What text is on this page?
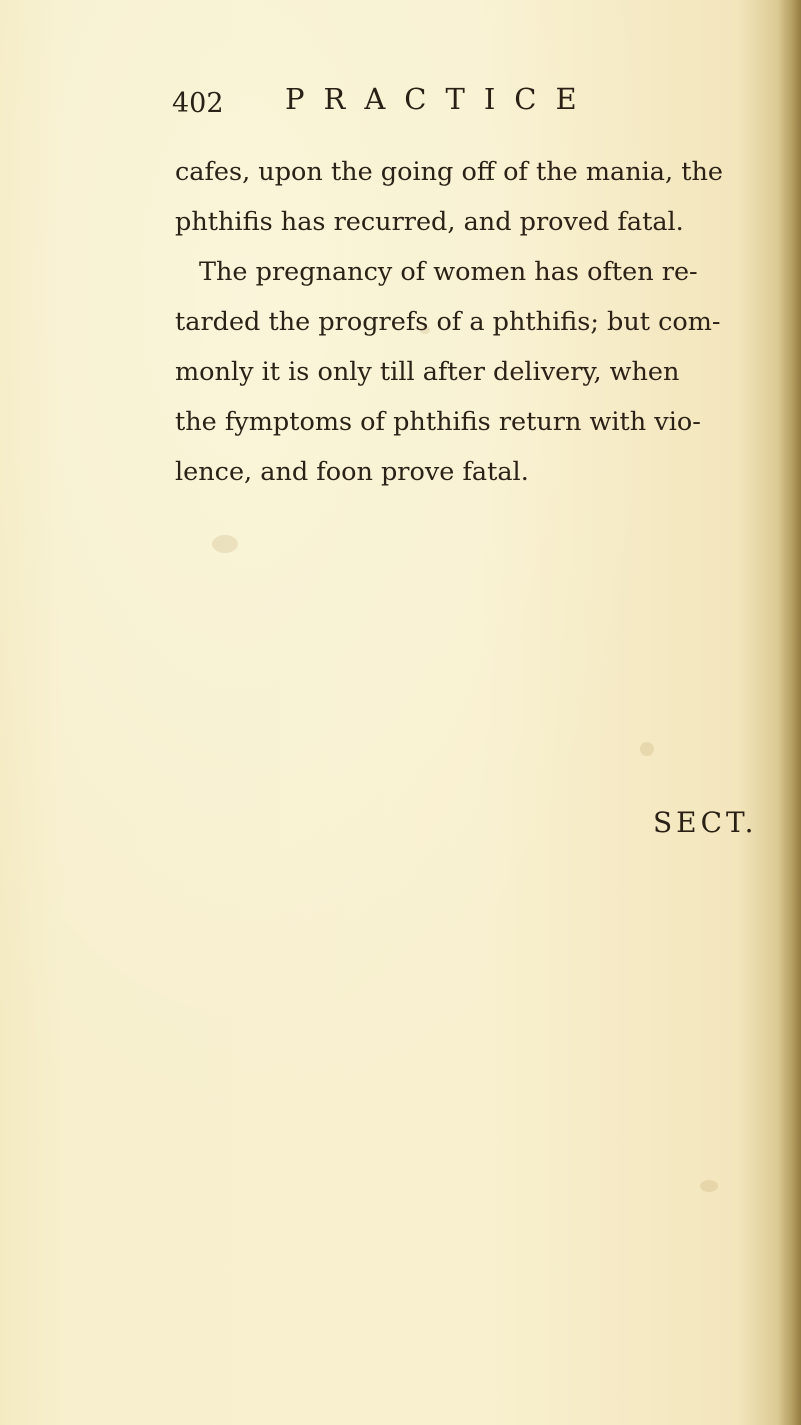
402 PRACTICE
cafes, upon the going off of the mania, the
phthifis has recurred, and proved fatal.
The pregnancy of women has often re-
tarded the progrefs of a phthifis; but com-
monly it is only till after delivery, when
the fymptoms of phthifis return with vio-
lence, and foon prove fatal.
SECT.
